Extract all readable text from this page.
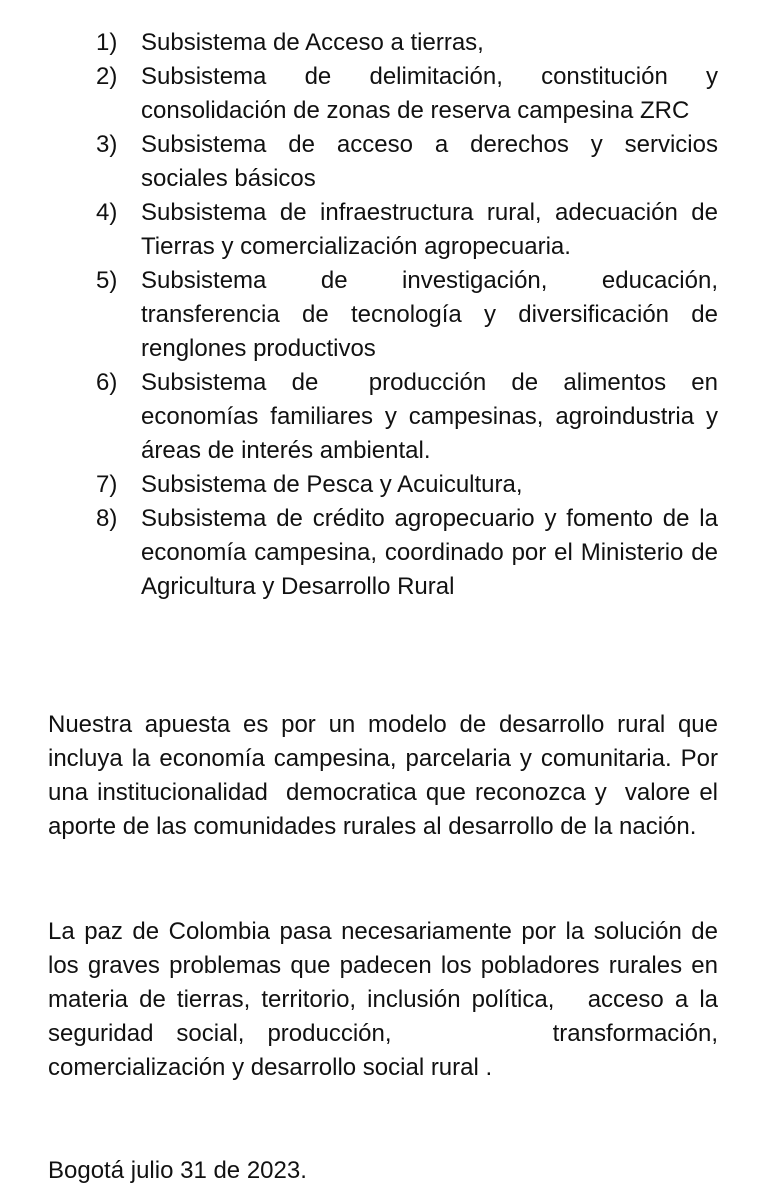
1) Subsistema de Acceso a tierras,
2) Subsistema de delimitación, constitución y consolidación de zonas de reserva campesina ZRC
3) Subsistema de acceso a derechos y servicios sociales básicos
4) Subsistema de infraestructura rural, adecuación de Tierras y comercialización agropecuaria.
5) Subsistema de investigación, educación, transferencia de tecnología y diversificación de renglones productivos
6) Subsistema de  producción de alimentos en economías familiares y campesinas, agroindustria y áreas de interés ambiental.
7) Subsistema de Pesca y Acuicultura,
8) Subsistema de crédito agropecuario y fomento de la economía campesina, coordinado por el Ministerio de Agricultura y Desarrollo Rural

Nuestra apuesta es por un modelo de desarrollo rural que incluya la economía campesina, parcelaria y comunitaria. Por una institucionalidad  democratica que reconozca y  valore el aporte de las comunidades rurales al desarrollo de la nación.

La paz de Colombia pasa necesariamente por la solución de los graves problemas que padecen los pobladores rurales en materia de tierras, territorio, inclusión política,   acceso a la seguridad social, producción,       transformación, comercialización y desarrollo social rural .

Bogotá julio 31 de 2023.
